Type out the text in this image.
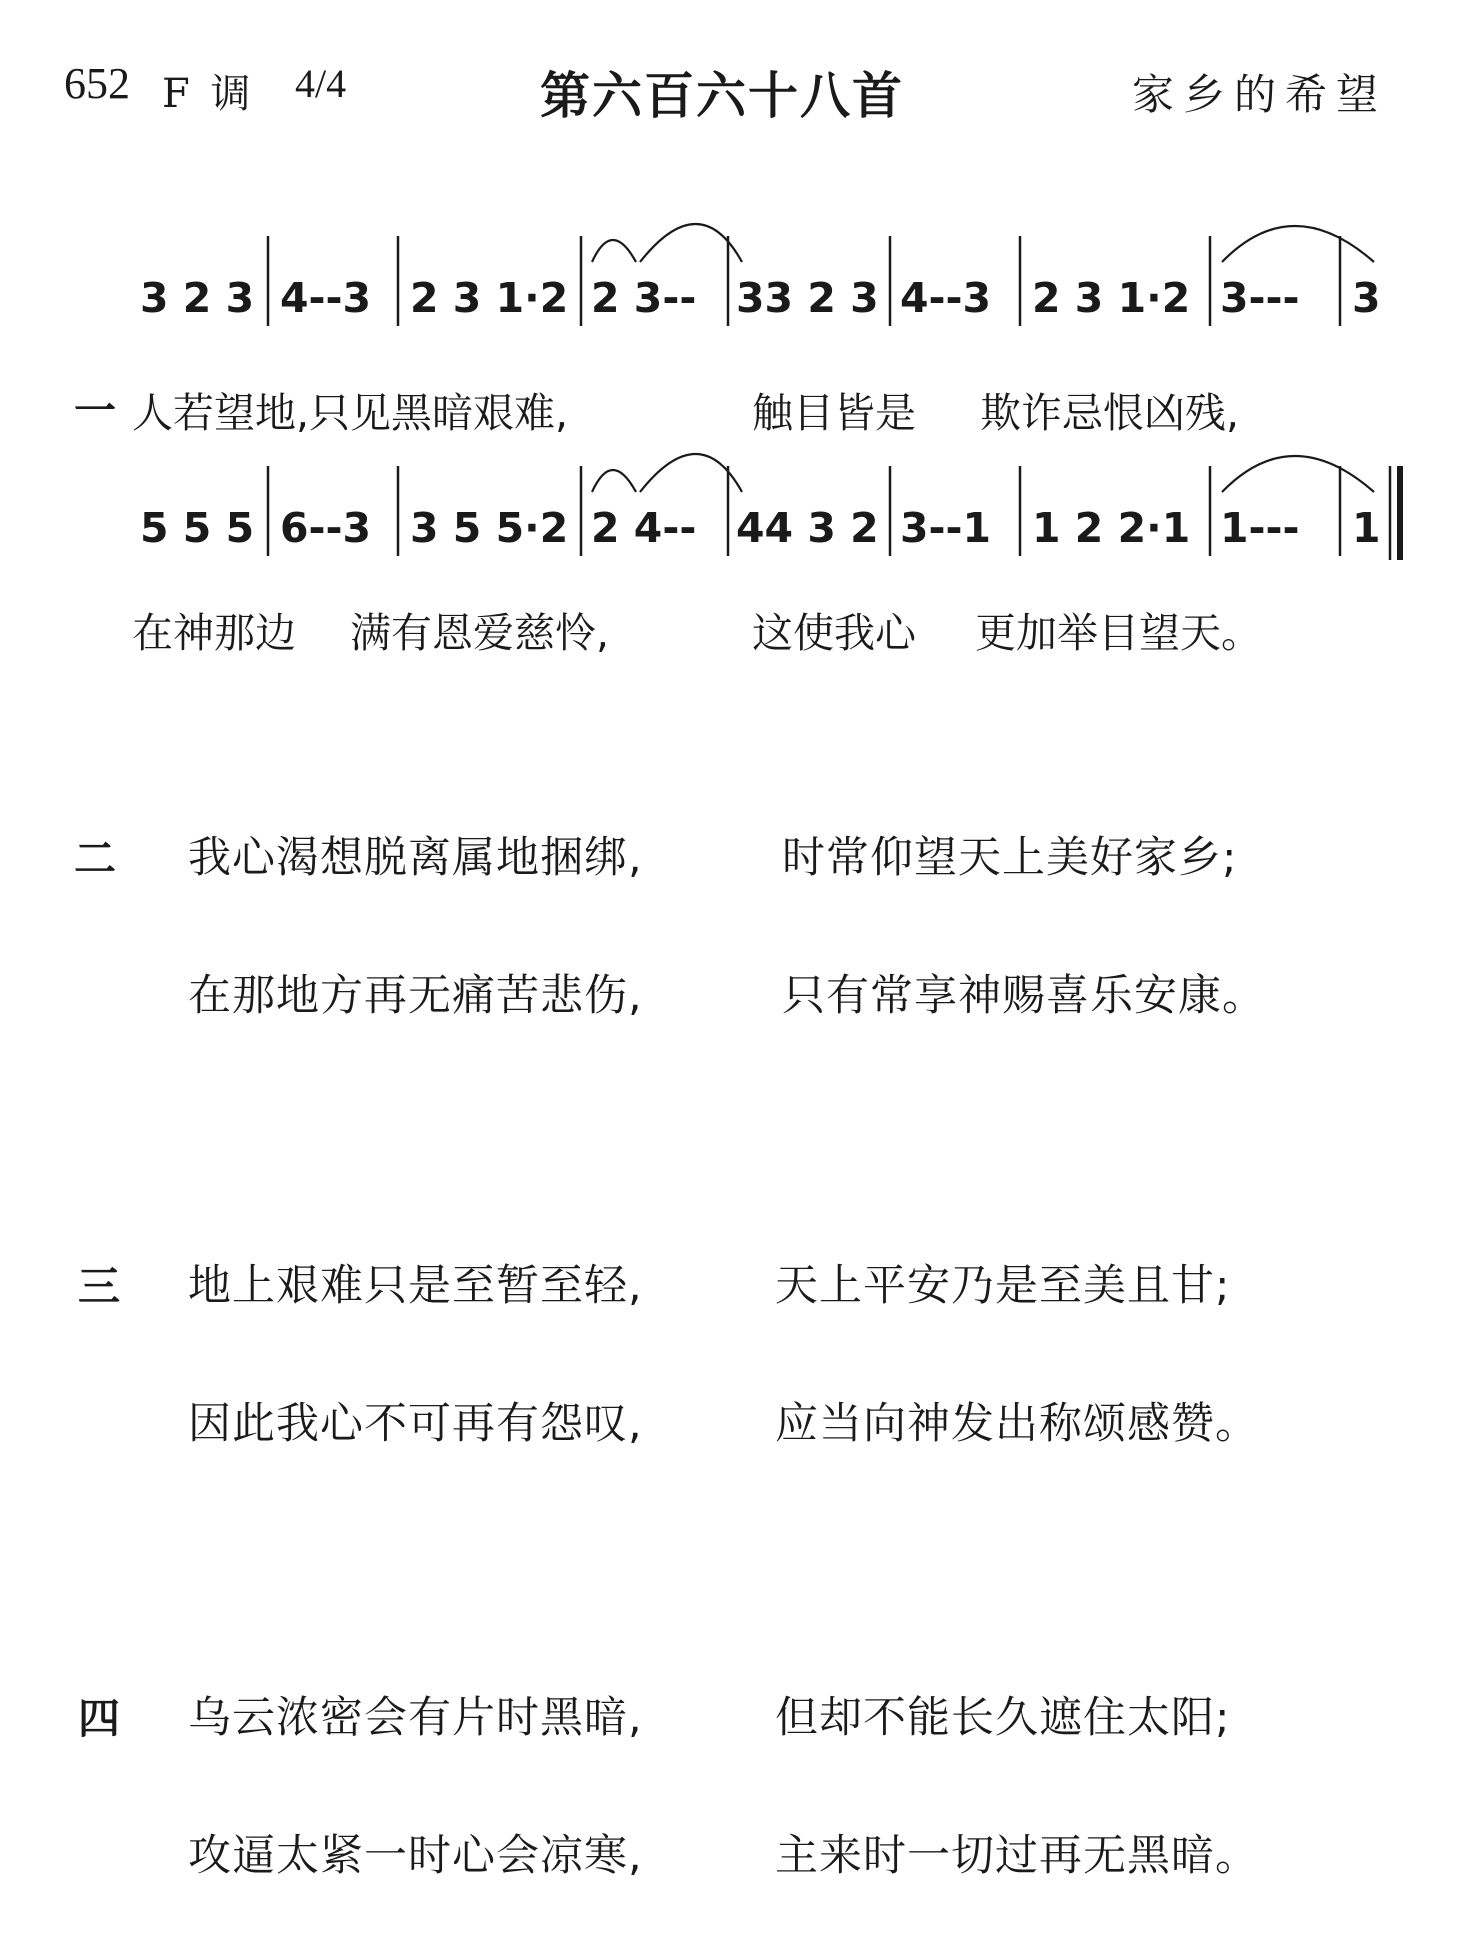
652 F 调 4/4	第六百六十八首	家乡的希望
3 2 3 4--3 2 3 1·2 2 3-- 33 2 3 4--3 2 3 1·2 3--- 3
5 5 5 6--3 3 5 5·2 2 4-- 44 3 2 3--1 1 2 2·1 1--- 1
一 人若望地,只见黑暗艰难,	触目皆是 欺诈忌恨凶残,
在神那边 满有恩爱慈怜,	这使我心 更加举目望天。
二 我心渴想脱离属地捆绑,	时常仰望天上美好家乡;
在那地方再无痛苦悲伤,	只有常享神赐喜乐安康。
三 地上艰难只是至暂至轻,	天上平安乃是至美且甘;
因此我心不可再有怨叹,	应当向神发出称颂感赞。
四 乌云浓密会有片时黑暗,	但却不能长久遮住太阳;
攻逼太紧一时心会凉寒,	主来时一切过再无黑暗。
